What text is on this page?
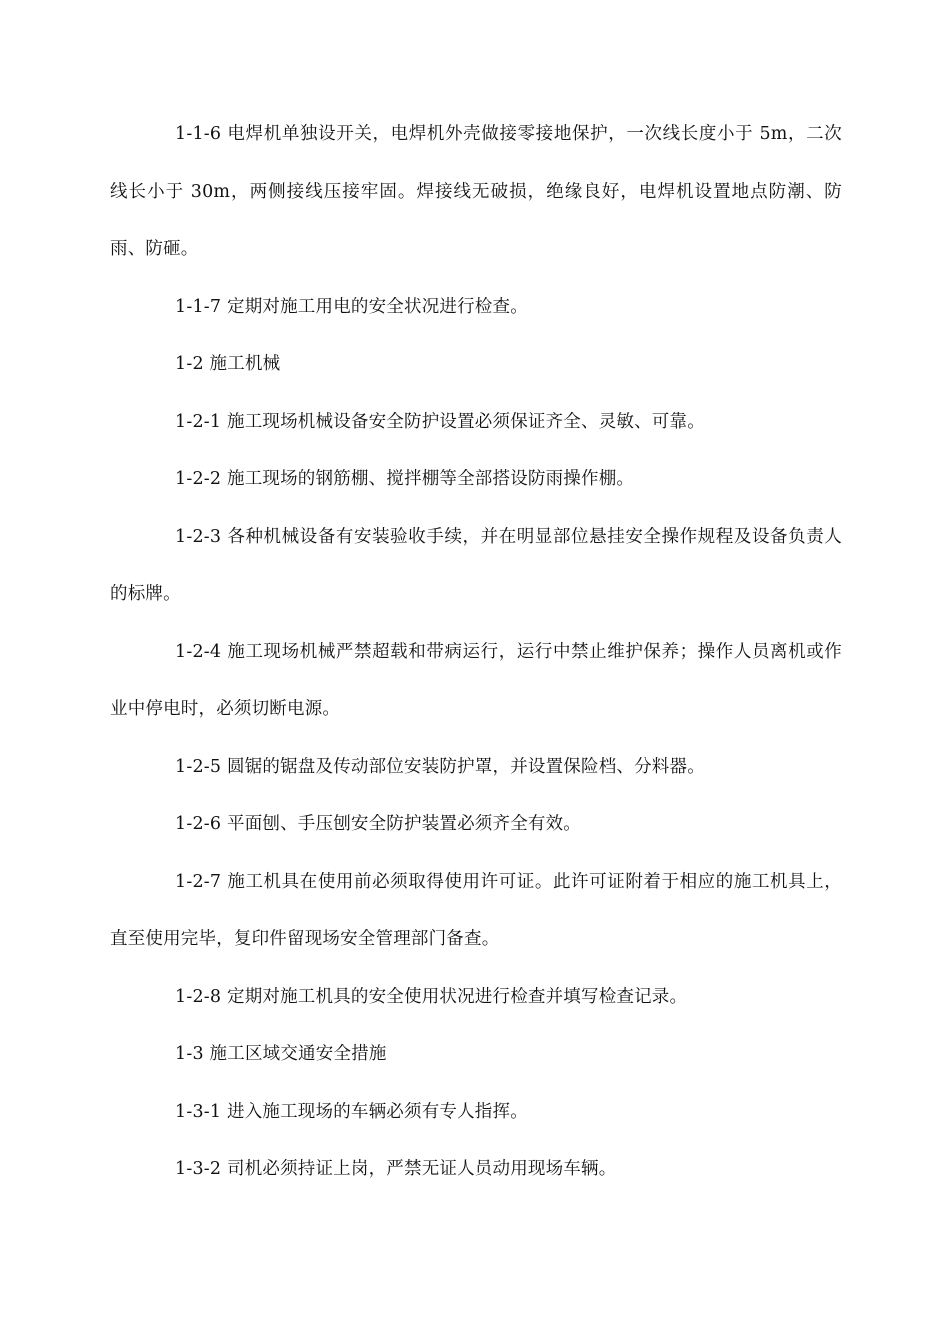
1-1-6 电焊机单独设开关，电焊机外壳做接零接地保护，一次线长度小于 5m，二次线长小于 30m，两侧接线压接牢固。焊接线无破损，绝缘良好，电焊机设置地点防潮、防雨、防砸。

1-1-7 定期对施工用电的安全状况进行检查。

1-2 施工机械

1-2-1 施工现场机械设备安全防护设置必须保证齐全、灵敏、可靠。

1-2-2 施工现场的钢筋棚、搅拌棚等全部搭设防雨操作棚。

1-2-3 各种机械设备有安装验收手续，并在明显部位悬挂安全操作规程及设备负责人的标牌。

1-2-4 施工现场机械严禁超载和带病运行，运行中禁止维护保养；操作人员离机或作业中停电时，必须切断电源。

1-2-5 圆锯的锯盘及传动部位安装防护罩，并设置保险档、分料器。

1-2-6 平面刨、手压刨安全防护装置必须齐全有效。

1-2-7 施工机具在使用前必须取得使用许可证。此许可证附着于相应的施工机具上，直至使用完毕，复印件留现场安全管理部门备查。

1-2-8 定期对施工机具的安全使用状况进行检查并填写检查记录。

1-3 施工区域交通安全措施

1-3-1 进入施工现场的车辆必须有专人指挥。

1-3-2 司机必须持证上岗，严禁无证人员动用现场车辆。
